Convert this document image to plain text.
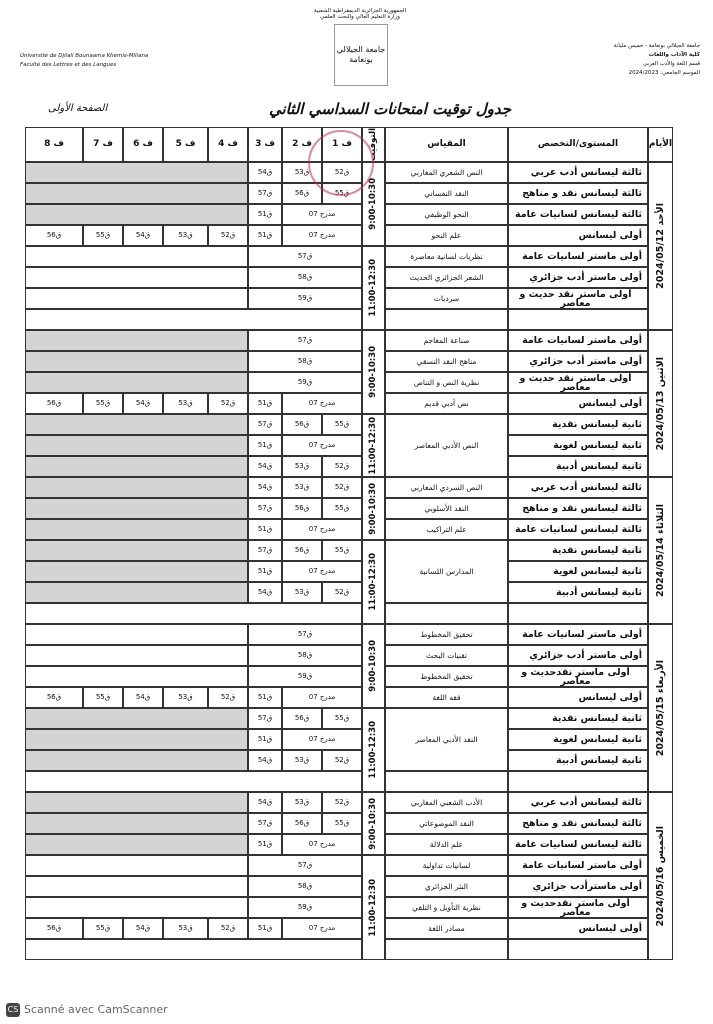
الجمهورية الجزائرية الديمقراطية الشعبية
وزارة التعليم العالي والبحث العلمي
جامعة الجيلالي بونعامة - خميس مليانة
كلية الآداب واللغات
قسم اللغة والأدب العربي
الموسم الجامعي: 2024/2023
Université de Djilali Bounaama Khemis-Miliana
Faculté des Lettres et des Langues
جامعة الجيلالي بونعامة
الصفحة الأولى	جدول توقيت امتحانات السداسي الثاني
الأيام
المستوى/التخصص
المقياس
التوقيت
ف 1
ف 2
ف 3
ف 4
ف 5
ف 6
ف 7
ف 8
الأحد 2024/05/12
الاثنين 2024/05/13
الثلاثاء 2024/05/14
الأربعاء 2024/05/15
الخميس 2024/05/16
9:00-10:30
11:00-12:30
9:00-10:30
11:00-12:30
9:00-10:30
11:00-12:30
9:00-10:30
11:00-12:30
9:00-10:30
11:00-12:30
ثالثة ليسانس أدب عربي
النص الشعري المغاربي
ق52
ق53
ق54
ثالثة ليسانس نقد و مناهج
النقد النفساني
ق55
ق56
ق57
ثالثة ليسانس لسانيات عامة
النحو الوظيفي
مدرج 07
ق51
أولى ليسانس
علم النحو
مدرج 07
ق51
ق52
ق53
ق54
ق55
ق56
أولى ماستر لسانيات عامة
نظريات لسانية معاصرة
ق57
أولى ماستر أدب جزائري
الشعر الجزائري الحديث
ق58
أولى ماستر نقد حديث و معاصر
سرديات
ق59
أولى ماستر لسانيات عامة
صناعة المعاجم
ق57
أولى ماستر أدب جزائري
مناهج النقد النسقي
ق58
أولى ماستر نقد حديث و معاصر
نظرية النص و التناص
ق59
أولى ليسانس
نص أدبي قديم
مدرج 07
ق51
ق52
ق53
ق54
ق55
ق56
ثانية ليسانس نقدية
النص الأدبي المعاصر
ق55
ق56
ق57
ثانية ليسانس لغوية
مدرج 07
ق51
ثانية ليسانس أدبية
ق52
ق53
ق54
ثالثة ليسانس أدب عربي
النص السردي المغاربي
ق52
ق53
ق54
ثالثة ليسانس نقد و مناهج
النقد الأسلوبي
ق55
ق56
ق57
ثالثة ليسانس لسانيات عامة
علم التراكيب
مدرج 07
ق51
ثانية ليسانس نقدية
المدارس اللسانية
ق55
ق56
ق57
ثانية ليسانس لغوية
مدرج 07
ق51
ثانية ليسانس أدبية
ق52
ق53
ق54
أولى ماستر لسانيات عامة
تحقيق المخطوط
ق57
أولى ماستر أدب جزائري
تقنيات البحث
ق58
أولى ماستر نقدحديث و معاصر
تحقيق المخطوط
ق59
أولى ليسانس
فقه اللغة
مدرج 07
ق51
ق52
ق53
ق54
ق55
ق56
ثانية ليسانس نقدية
النقد الأدبي المعاصر
ق55
ق56
ق57
ثانية ليسانس لغوية
مدرج 07
ق51
ثانية ليسانس أدبية
ق52
ق53
ق54
ثالثة ليسانس أدب عربي
الأدب الشعبي المغاربي
ق52
ق53
ق54
ثالثة ليسانس نقد و مناهج
النقد الموضوعاتي
ق55
ق56
ق57
ثالثة ليسانس لسانيات عامة
علم الدلالة
مدرج 07
ق51
أولى ماستر لسانيات عامة
لسانيات تداولية
ق57
أولى ماسترأدب جزائري
النثر الجزائري
ق58
أولى ماستر نقدحديث و معاصر
نظرية التأويل و التلقي
ق59
أولى ليسانس
مصادر اللغة
مدرج 07
ق51
ق52
ق53
ق54
ق55
ق56
CS Scanné avec CamScanner
